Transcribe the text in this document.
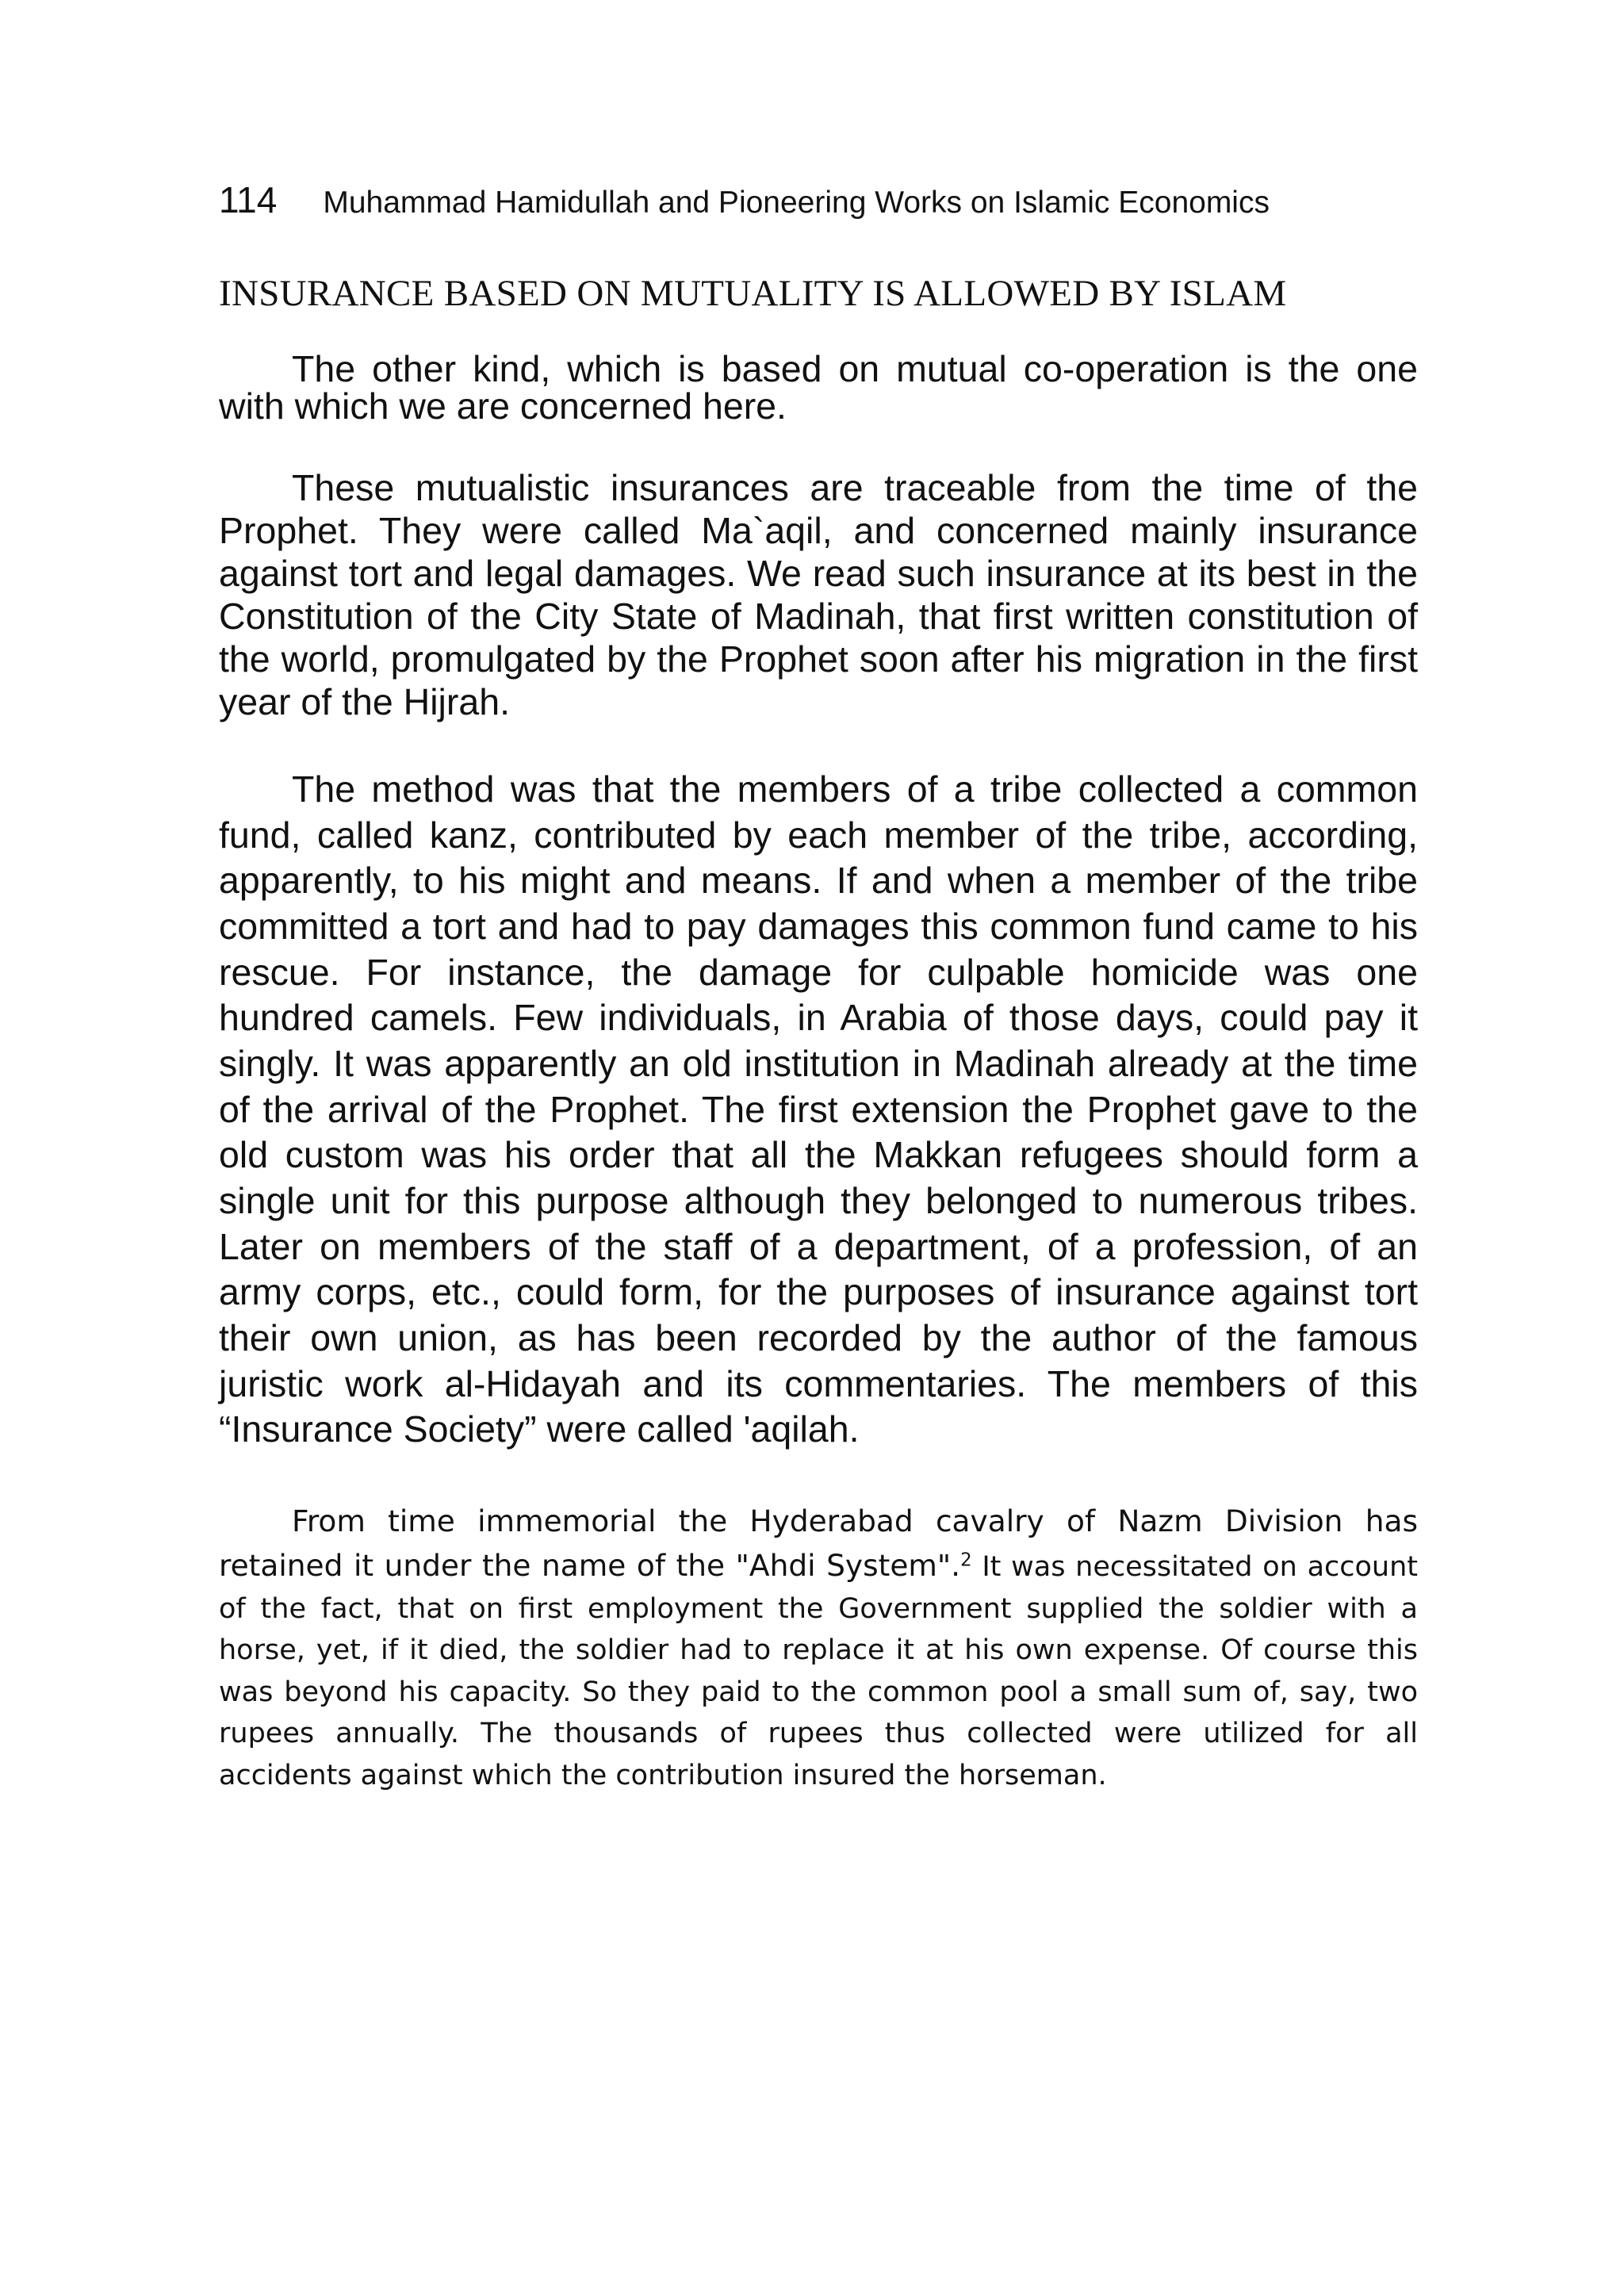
114 Muhammad Hamidullah and Pioneering Works on Islamic Economics
INSURANCE BASED ON MUTUALITY IS ALLOWED BY ISLAM

The other kind, which is based on mutual co-operation is the one with which we are concerned here.

These mutualistic insurances are traceable from the time of the Prophet. They were called Ma`aqil, and concerned mainly insurance against tort and legal damages. We read such insurance at its best in the Constitution of the City State of Madinah, that first written constitution of the world, promulgated by the Prophet soon after his migration in the first year of the Hijrah.

The method was that the members of a tribe collected a common fund, called kanz, contributed by each member of the tribe, according, apparently, to his might and means. If and when a member of the tribe committed a tort and had to pay damages this common fund came to his rescue. For instance, the damage for culpable homicide was one hundred camels. Few individuals, in Arabia of those days, could pay it singly. It was apparently an old institution in Madinah already at the time of the arrival of the Prophet. The first extension the Prophet gave to the old custom was his order that all the Makkan refugees should form a single unit for this purpose although they belonged to numerous tribes. Later on members of the staff of a department, of a profession, of an army corps, etc., could form, for the purposes of insurance against tort their own union, as has been recorded by the author of the famous juristic work al-Hidayah and its commentaries. The members of this “Insurance Society” were called 'aqilah.

From time immemorial the Hyderabad cavalry of Nazm Division has retained it under the name of the "Ahdi System".$^2$ It was necessitated on account of the fact, that on first employment the Government supplied the soldier with a horse, yet, if it died, the soldier had to replace it at his own expense. Of course this was beyond his capacity. So they paid to the common pool a small sum of, say, two rupees annually. The thousands of rupees thus collected were utilized for all accidents against which the contribution insured the horseman.
